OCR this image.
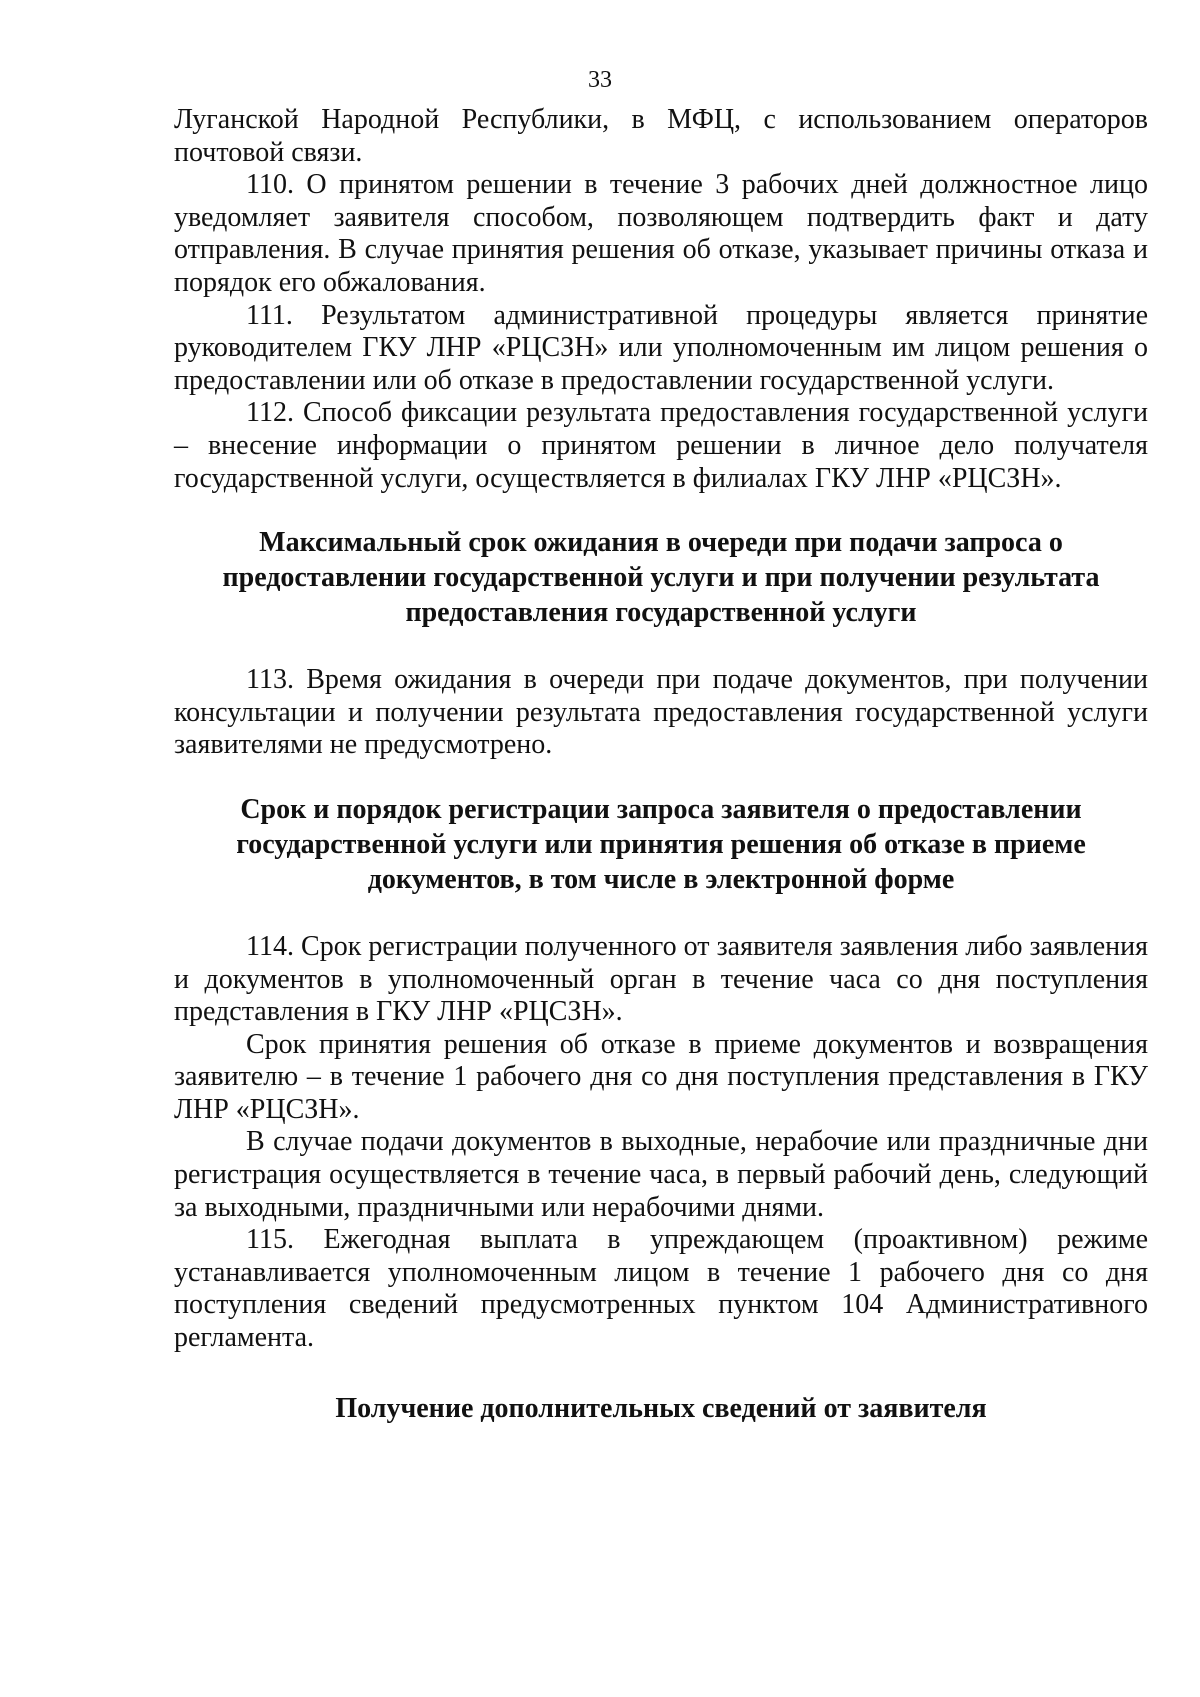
33

Луганской Народной Республики, в МФЦ, с использованием операторов почтовой связи.

110. О принятом решении в течение 3 рабочих дней должностное лицо уведомляет заявителя способом, позволяющем подтвердить факт и дату отправления. В случае принятия решения об отказе, указывает причины отказа и порядок его обжалования.

111. Результатом административной процедуры является принятие руководителем ГКУ ЛНР «РЦСЗН» или уполномоченным им лицом решения о предоставлении или об отказе в предоставлении государственной услуги.

112. Способ фиксации результата предоставления государственной услуги – внесение информации о принятом решении в личное дело получателя государственной услуги, осуществляется в филиалах ГКУ ЛНР «РЦСЗН».

Максимальный срок ожидания в очереди при подачи запроса о
предоставлении государственной услуги и при получении результата
предоставления государственной услуги

113. Время ожидания в очереди при подаче документов, при получении консультации и получении результата предоставления государственной услуги заявителями не предусмотрено.

Срок и порядок регистрации запроса заявителя о предоставлении
государственной услуги или принятия решения об отказе в приеме
документов, в том числе в электронной форме

114. Срок регистрации полученного от заявителя заявления либо заявления и документов в уполномоченный орган в течение часа со дня поступления представления в ГКУ ЛНР «РЦСЗН».

Срок принятия решения об отказе в приеме документов и возвращения заявителю – в течение 1 рабочего дня со дня поступления представления в ГКУ ЛНР «РЦСЗН».

В случае подачи документов в выходные, нерабочие или праздничные дни регистрация осуществляется в течение часа, в первый рабочий день, следующий за выходными, праздничными или нерабочими днями.

115. Ежегодная выплата в упреждающем (проактивном) режиме устанавливается уполномоченным лицом в течение 1 рабочего дня со дня поступления сведений предусмотренных пунктом 104 Административного регламента.

Получение дополнительных сведений от заявителя
